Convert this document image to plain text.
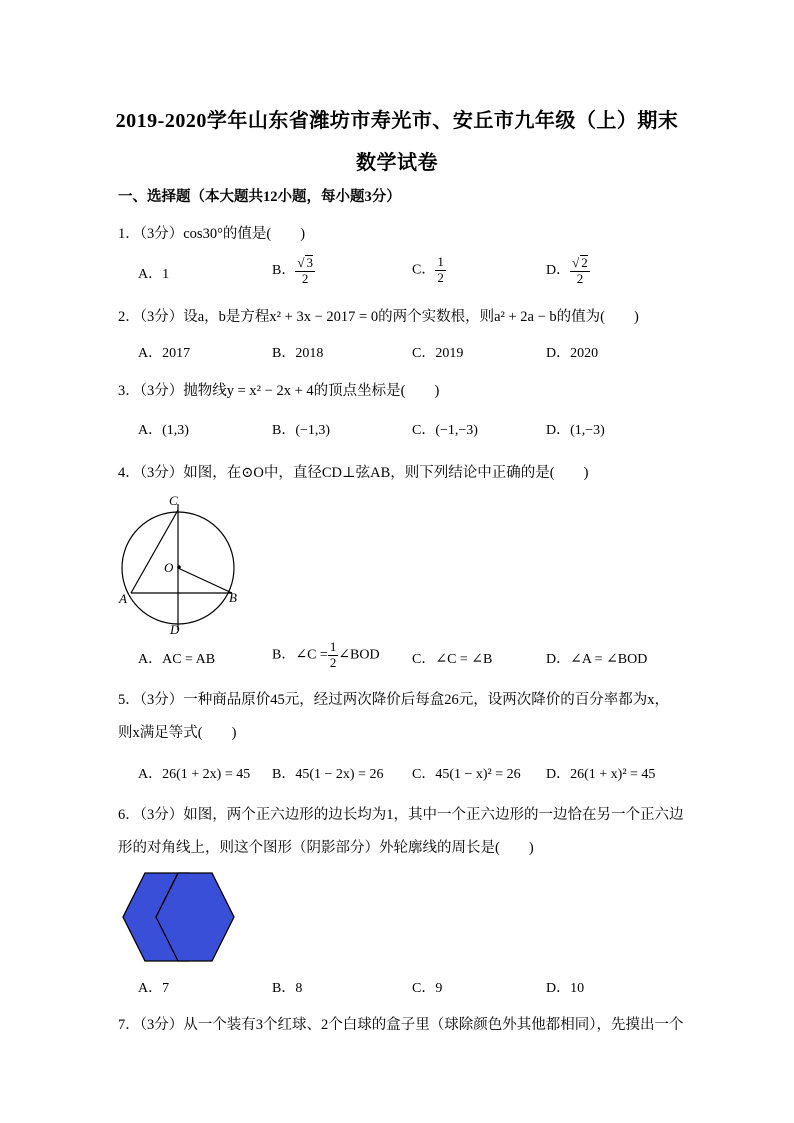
2019-2020学年山东省潍坊市寿光市、安丘市九年级（上）期末
数学试卷
一、选择题（本大题共12小题，每小题3分）
1．（3分）cos30°的值是(　　)
A．1	B． $\frac{√ 3}{2}$	C． $\frac{1}{2}$	D． $\frac{√ 2}{2}$
2．（3分）设a，b是方程x² + 3x − 2017 = 0的两个实数根，则a² + 2a − b的值为(　　)
A．2017	B．2018	C．2019	D．2020
3．（3分）抛物线y = x² − 2x + 4的顶点坐标是(　　)
A．(1,3)	B．(−1,3)	C．(−1,−3)	D．(1,−3)
4．（3分）如图，在⊙O中，直径CD⊥弦AB，则下列结论中正确的是(　　)
C
O
A	B
D
A．AC = AB	B．∠C = $\frac{1}{2}$ ∠BOD C．∠C = ∠B	D．∠A = ∠BOD
5．（3分）一种商品原价45元，经过两次降价后每盒26元，设两次降价的百分率都为x，
则x满足等式(　　)
A．26(1 + 2x) = 45 B．45(1 − 2x) = 26 C．45(1 − x)² = 26 D．26(1 + x)² = 45
6．（3分）如图，两个正六边形的边长均为1，其中一个正六边形的一边恰在另一个正六边
形的对角线上，则这个图形（阴影部分）外轮廓线的周长是(　　)
A．7	B．8	C．9	D．10
7．（3分）从一个装有3个红球、2个白球的盒子里（球除颜色外其他都相同），先摸出一个
